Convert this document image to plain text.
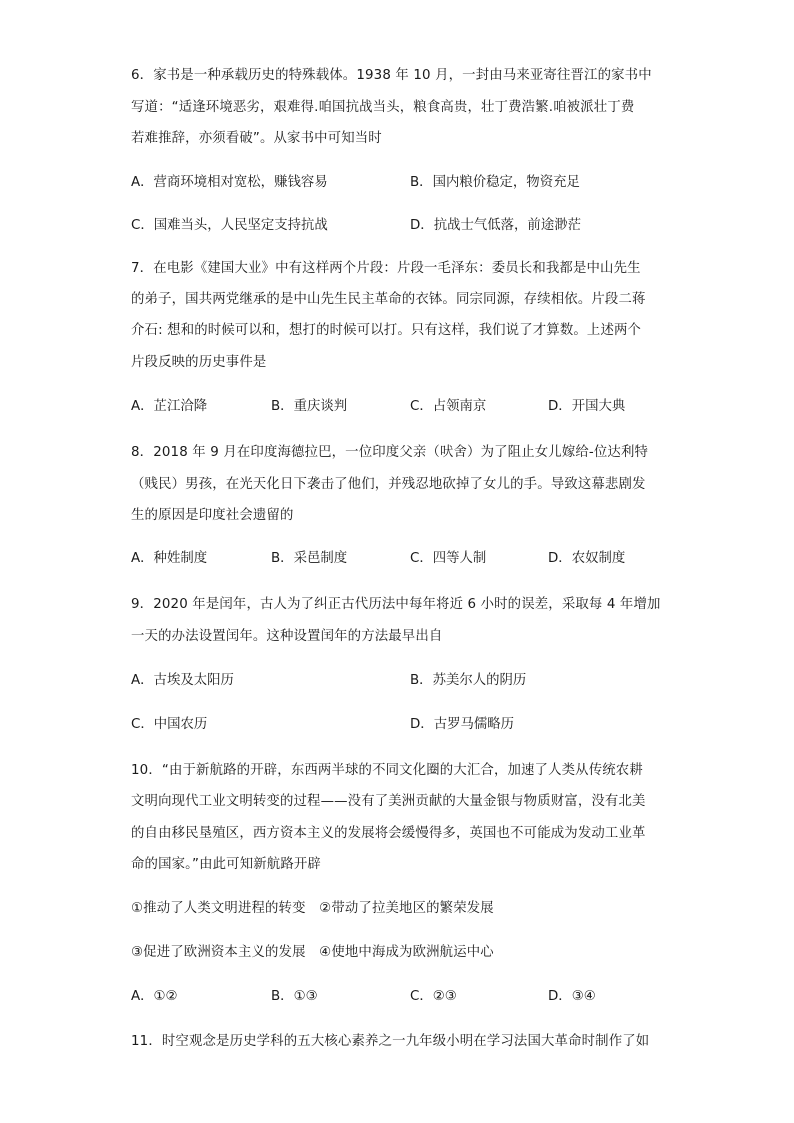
6．家书是一种承载历史的特殊载体。1938 年 10 月，一封由马来亚寄往晋江的家书中
写道：“适逢环境恶劣，艰难得.咱国抗战当头，粮食高贵，壮丁费浩繁.咱被派壮丁费
若难推辞，亦须看破”。从家书中可知当时
A．营商环境相对宽松，赚钱容易	B．国内粮价稳定，物资充足
C．国难当头，人民坚定支持抗战	D．抗战士气低落，前途渺茫
7．在电影《建国大业》中有这样两个片段：片段一毛泽东：委员长和我都是中山先生
的弟子，国共两党继承的是中山先生民主革命的衣钵。同宗同源，存续相依。片段二蒋
介石: 想和的时候可以和，想打的时候可以打。只有这样，我们说了才算数。上述两个
片段反映的历史事件是
A．芷江洽降	B．重庆谈判	C．占领南京	D．开国大典
8．2018 年 9 月在印度海德拉巴，一位印度父亲（吠舍）为了阻止女儿嫁给-位达利特
（贱民）男孩，在光天化日下袭击了他们，并残忍地砍掉了女儿的手。导致这幕悲剧发
生的原因是印度社会遗留的
A．种姓制度	B．采邑制度	C．四等人制	D．农奴制度
9．2020 年是闰年，古人为了纠正古代历法中每年将近 6 小时的误差，采取每 4 年增加
一天的办法设置闰年。这种设置闰年的方法最早出自
A．古埃及太阳历	B．苏美尔人的阴历
C．中国农历	D．古罗马儒略历
10．“由于新航路的开辟，东西两半球的不同文化圈的大汇合，加速了人类从传统农耕
文明向现代工业文明转变的过程——没有了美洲贡献的大量金银与物质财富，没有北美
的自由移民垦殖区，西方资本主义的发展将会缓慢得多，英国也不可能成为发动工业革
命的国家。”由此可知新航路开辟
①推动了人类文明进程的转变　②带动了拉美地区的繁荣发展
③促进了欧洲资本主义的发展　④使地中海成为欧洲航运中心
A．①②	B．①③	C．②③	D．③④
11．时空观念是历史学科的五大核心素养之一九年级小明在学习法国大革命时制作了如
